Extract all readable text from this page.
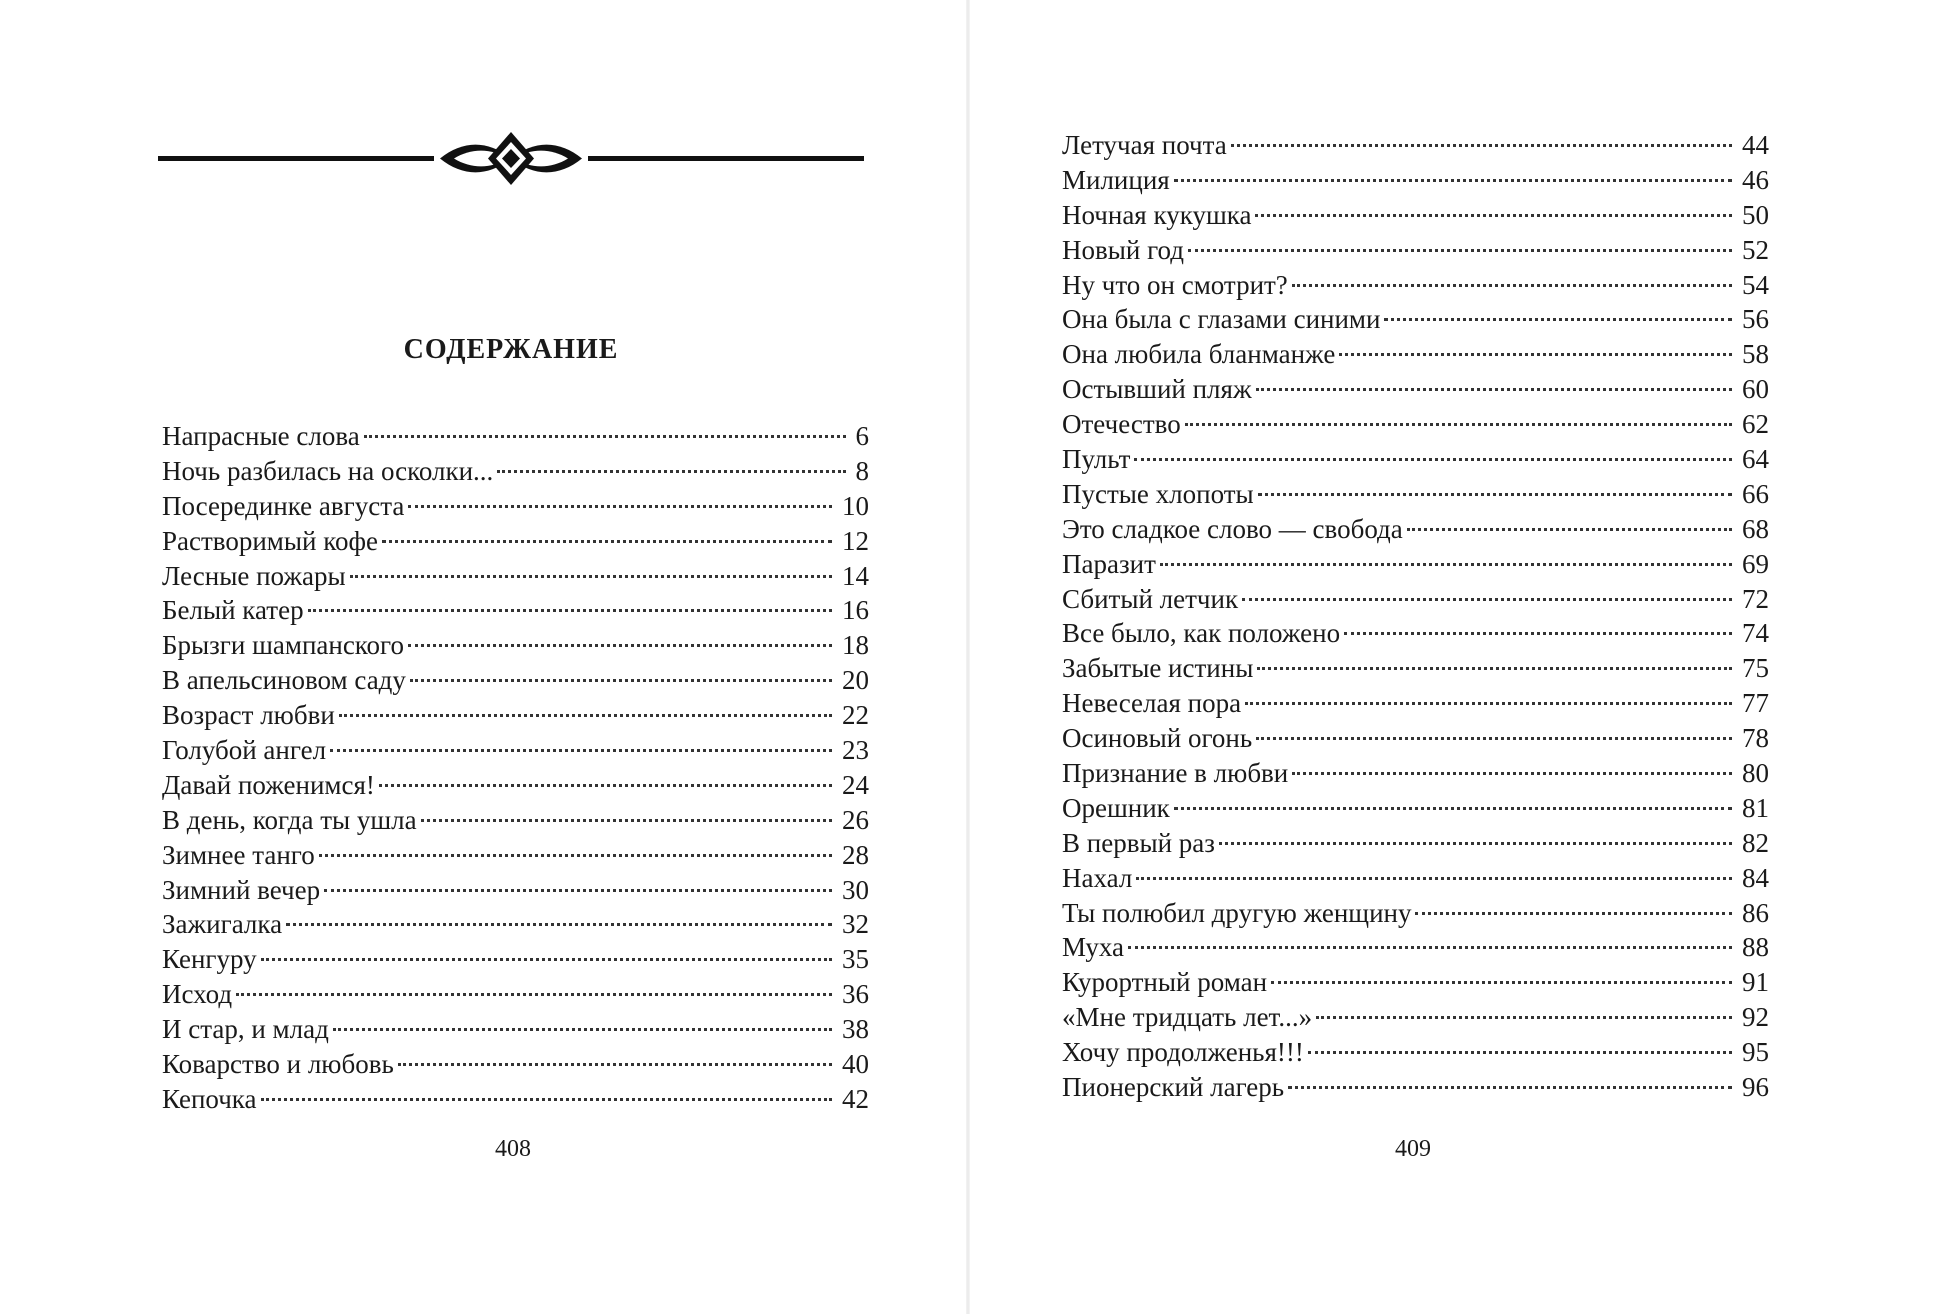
СОДЕРЖАНИЕ
Напрасные слова	6
Ночь разбилась на осколки...	8
Посерединке августа	10
Растворимый кофе	12
Лесные пожары	14
Белый катер	16
Брызги шампанского	18
В апельсиновом саду	20
Возраст любви	22
Голубой ангел	23
Давай поженимся!	24
В день, когда ты ушла	26
Зимнее танго	28
Зимний вечер	30
Зажигалка	32
Кенгуру	35
Исход	36
И стар, и млад	38
Коварство и любовь	40
Кепочка	42
408
Летучая почта	44
Милиция	46
Ночная кукушка	50
Новый год	52
Ну что он смотрит?	54
Она была с глазами синими	56
Она любила бланманже	58
Остывший пляж	60
Отечество	62
Пульт	64
Пустые хлопоты	66
Это сладкое слово — свобода	68
Паразит	69
Сбитый летчик	72
Все было, как положено	74
Забытые истины	75
Невеселая пора	77
Осиновый огонь	78
Признание в любви	80
Орешник	81
В первый раз	82
Нахал	84
Ты полюбил другую женщину	86
Муха	88
Курортный роман	91
«Мне тридцать лет...»	92
Хочу продолженья!!!	95
Пионерский лагерь	96
409
